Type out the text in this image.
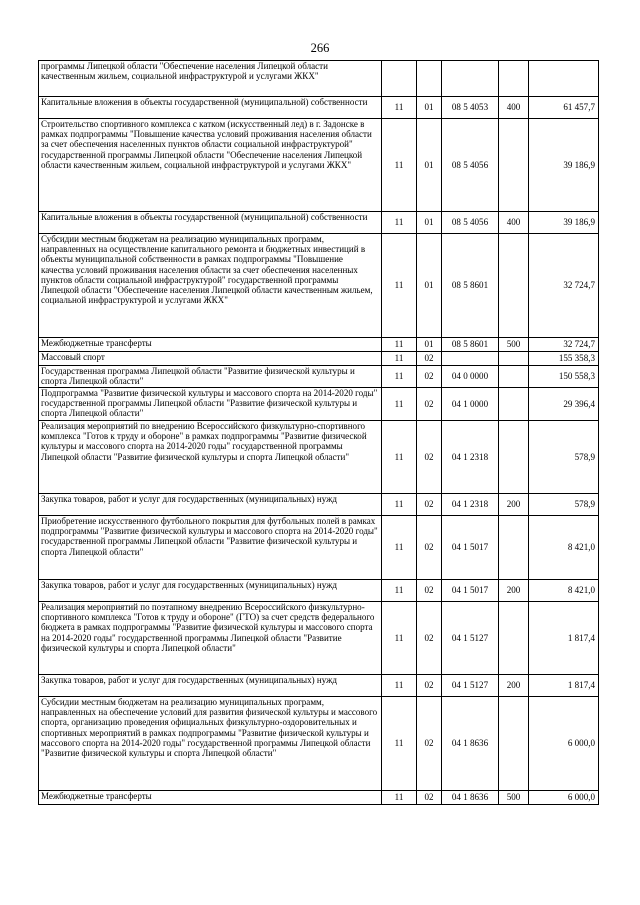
266
программы Липецкой области "Обеспечение населения Липецкой области качественным жильем, социальной инфраструктурой и услугами ЖКХ"					
Капитальные вложения в объекты государственной (муниципальной) собственности	11	01	08 5 4053	400	61 457,7
Строительство спортивного комплекса с катком (искусственный лед) в г. Задонске в рамках подпрограммы "Повышение качества условий проживания населения области за счет обеспечения населенных пунктов области социальной инфраструктурой" государственной программы Липецкой области "Обеспечение населения Липецкой области качественным жильем, социальной инфраструктурой и услугами ЖКХ"	11	01	08 5 4056		39 186,9
Капитальные вложения в объекты государственной (муниципальной) собственности	11	01	08 5 4056	400	39 186,9
Субсидии местным бюджетам на реализацию муниципальных программ, направленных на осуществление капитального ремонта и бюджетных инвестиций в объекты муниципальной собственности в рамках подпрограммы "Повышение качества условий проживания населения области за счет обеспечения населенных пунктов области социальной инфраструктурой" государственной программы Липецкой области "Обеспечение населения Липецкой области качественным жильем, социальной инфраструктурой и услугами ЖКХ"	11	01	08 5 8601		32 724,7
Межбюджетные трансферты	11	01	08 5 8601	500	32 724,7
Массовый спорт	11	02			155 358,3
Государственная программа Липецкой области "Развитие физической культуры и спорта Липецкой области"	11	02	04 0 0000		150 558,3
Подпрограмма "Развитие физической культуры и массового спорта на 2014-2020 годы" государственной программы Липецкой области "Развитие физической культуры и спорта Липецкой области"	11	02	04 1 0000		29 396,4
Реализация мероприятий по внедрению Всероссийского физкультурно-спортивного комплекса "Готов к труду и обороне" в рамках подпрограммы "Развитие физической культуры и массового спорта на 2014-2020 годы" государственной программы Липецкой области "Развитие физической культуры и спорта Липецкой области"	11	02	04 1 2318		578,9
Закупка товаров, работ и услуг для государственных (муниципальных) нужд	11	02	04 1 2318	200	578,9
Приобретение искусственного футбольного покрытия для футбольных полей в рамках подпрограммы "Развитие физической культуры и массового спорта на 2014-2020 годы" государственной программы Липецкой области "Развитие физической культуры и спорта Липецкой области"	11	02	04 1 5017		8 421,0
Закупка товаров, работ и услуг для государственных (муниципальных) нужд	11	02	04 1 5017	200	8 421,0
Реализация мероприятий по поэтапному внедрению Всероссийского физкультурно-спортивного комплекса "Готов к труду и обороне" (ГТО) за счет средств федерального бюджета в рамках подпрограммы "Развитие физической культуры и массового спорта на 2014-2020 годы" государственной программы Липецкой области "Развитие физической культуры и спорта Липецкой области"	11	02	04 1 5127		1 817,4
Закупка товаров, работ и услуг для государственных (муниципальных) нужд	11	02	04 1 5127	200	1 817,4
Субсидии местным бюджетам на реализацию муниципальных программ, направленных на обеспечение условий для развития физической культуры и массового спорта, организацию проведения официальных физкультурно-оздоровительных и спортивных мероприятий в рамках подпрограммы "Развитие физической культуры и массового спорта на 2014-2020 годы" государственной программы Липецкой области "Развитие физической культуры и спорта Липецкой области"	11	02	04 1 8636		6 000,0
Межбюджетные трансферты	11	02	04 1 8636	500	6 000,0
